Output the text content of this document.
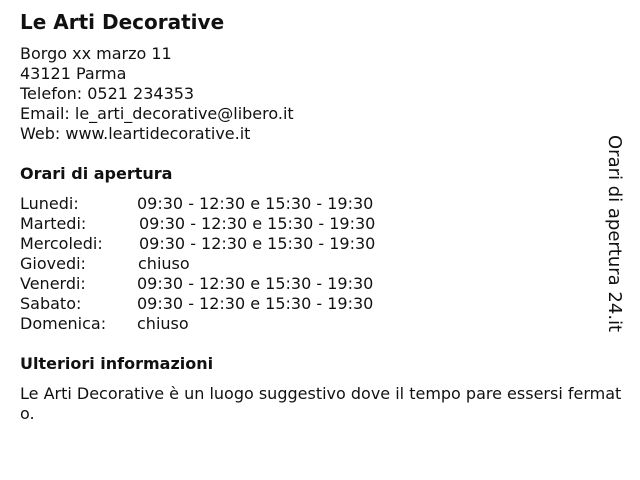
Le Arti Decorative
Borgo xx marzo 11
43121 Parma
Telefon: 0521 234353
Email: le_arti_decorative@libero.it
Web: www.leartidecorative.it
Orari di apertura
Lunedi:	09:30 - 12:30 e 15:30 - 19:30
Martedi:	09:30 - 12:30 e 15:30 - 19:30
Mercoledi:	09:30 - 12:30 e 15:30 - 19:30
Giovedi:	chiuso
Venerdi:	09:30 - 12:30 e 15:30 - 19:30
Sabato:	09:30 - 12:30 e 15:30 - 19:30
Domenica:	chiuso
Ulteriori informazioni
Le Arti Decorative è un luogo suggestivo dove il tempo pare essersi fermato.
Orari di apertura 24.it
